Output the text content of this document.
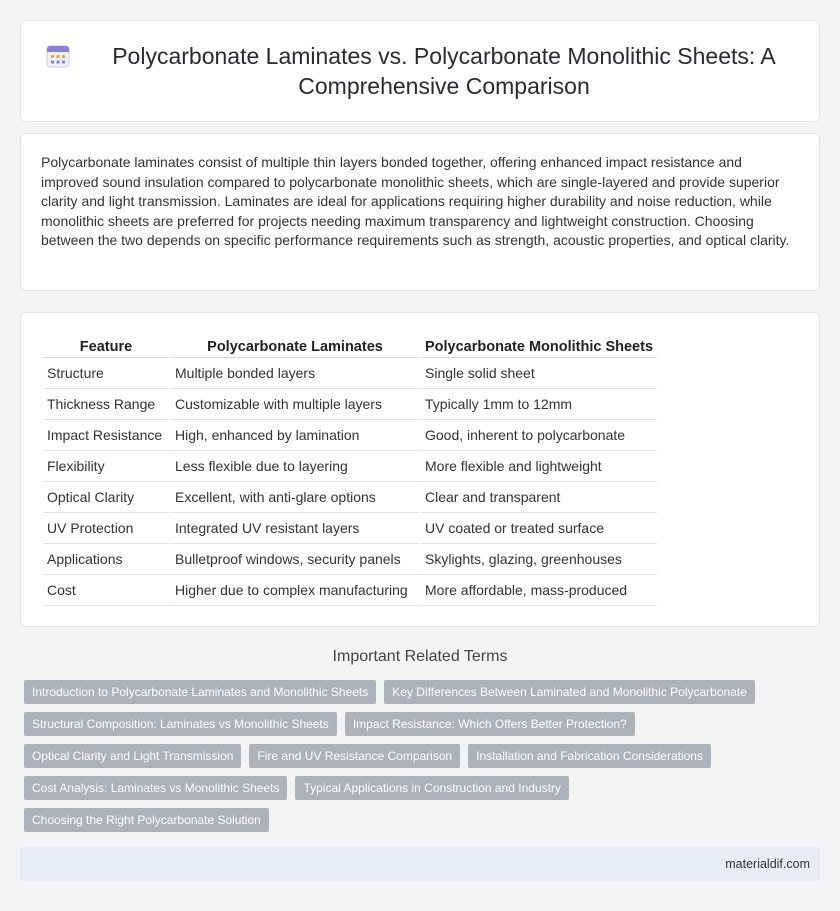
Polycarbonate Laminates vs. Polycarbonate Monolithic Sheets: A Comprehensive Comparison

Polycarbonate laminates consist of multiple thin layers bonded together, offering enhanced impact resistance and improved sound insulation compared to polycarbonate monolithic sheets, which are single-layered and provide superior clarity and light transmission. Laminates are ideal for applications requiring higher durability and noise reduction, while monolithic sheets are preferred for projects needing maximum transparency and lightweight construction. Choosing between the two depends on specific performance requirements such as strength, acoustic properties, and optical clarity.

Feature	Polycarbonate Laminates	Polycarbonate Monolithic Sheets
Structure	Multiple bonded layers	Single solid sheet
Thickness Range	Customizable with multiple layers	Typically 1mm to 12mm
Impact Resistance	High, enhanced by lamination	Good, inherent to polycarbonate
Flexibility	Less flexible due to layering	More flexible and lightweight
Optical Clarity	Excellent, with anti-glare options	Clear and transparent
UV Protection	Integrated UV resistant layers	UV coated or treated surface
Applications	Bulletproof windows, security panels	Skylights, glazing, greenhouses
Cost	Higher due to complex manufacturing	More affordable, mass-produced
Important Related Terms
Introduction to Polycarbonate Laminates and Monolithic Sheets	Key Differences Between Laminated and Monolithic Polycarbonate
Structural Composition: Laminates vs Monolithic Sheets	Impact Resistance: Which Offers Better Protection?
Optical Clarity and Light Transmission	Fire and UV Resistance Comparison	Installation and Fabrication Considerations
Cost Analysis: Laminates vs Monolithic Sheets	Typical Applications in Construction and Industry
Choosing the Right Polycarbonate Solution
materialdif.com
